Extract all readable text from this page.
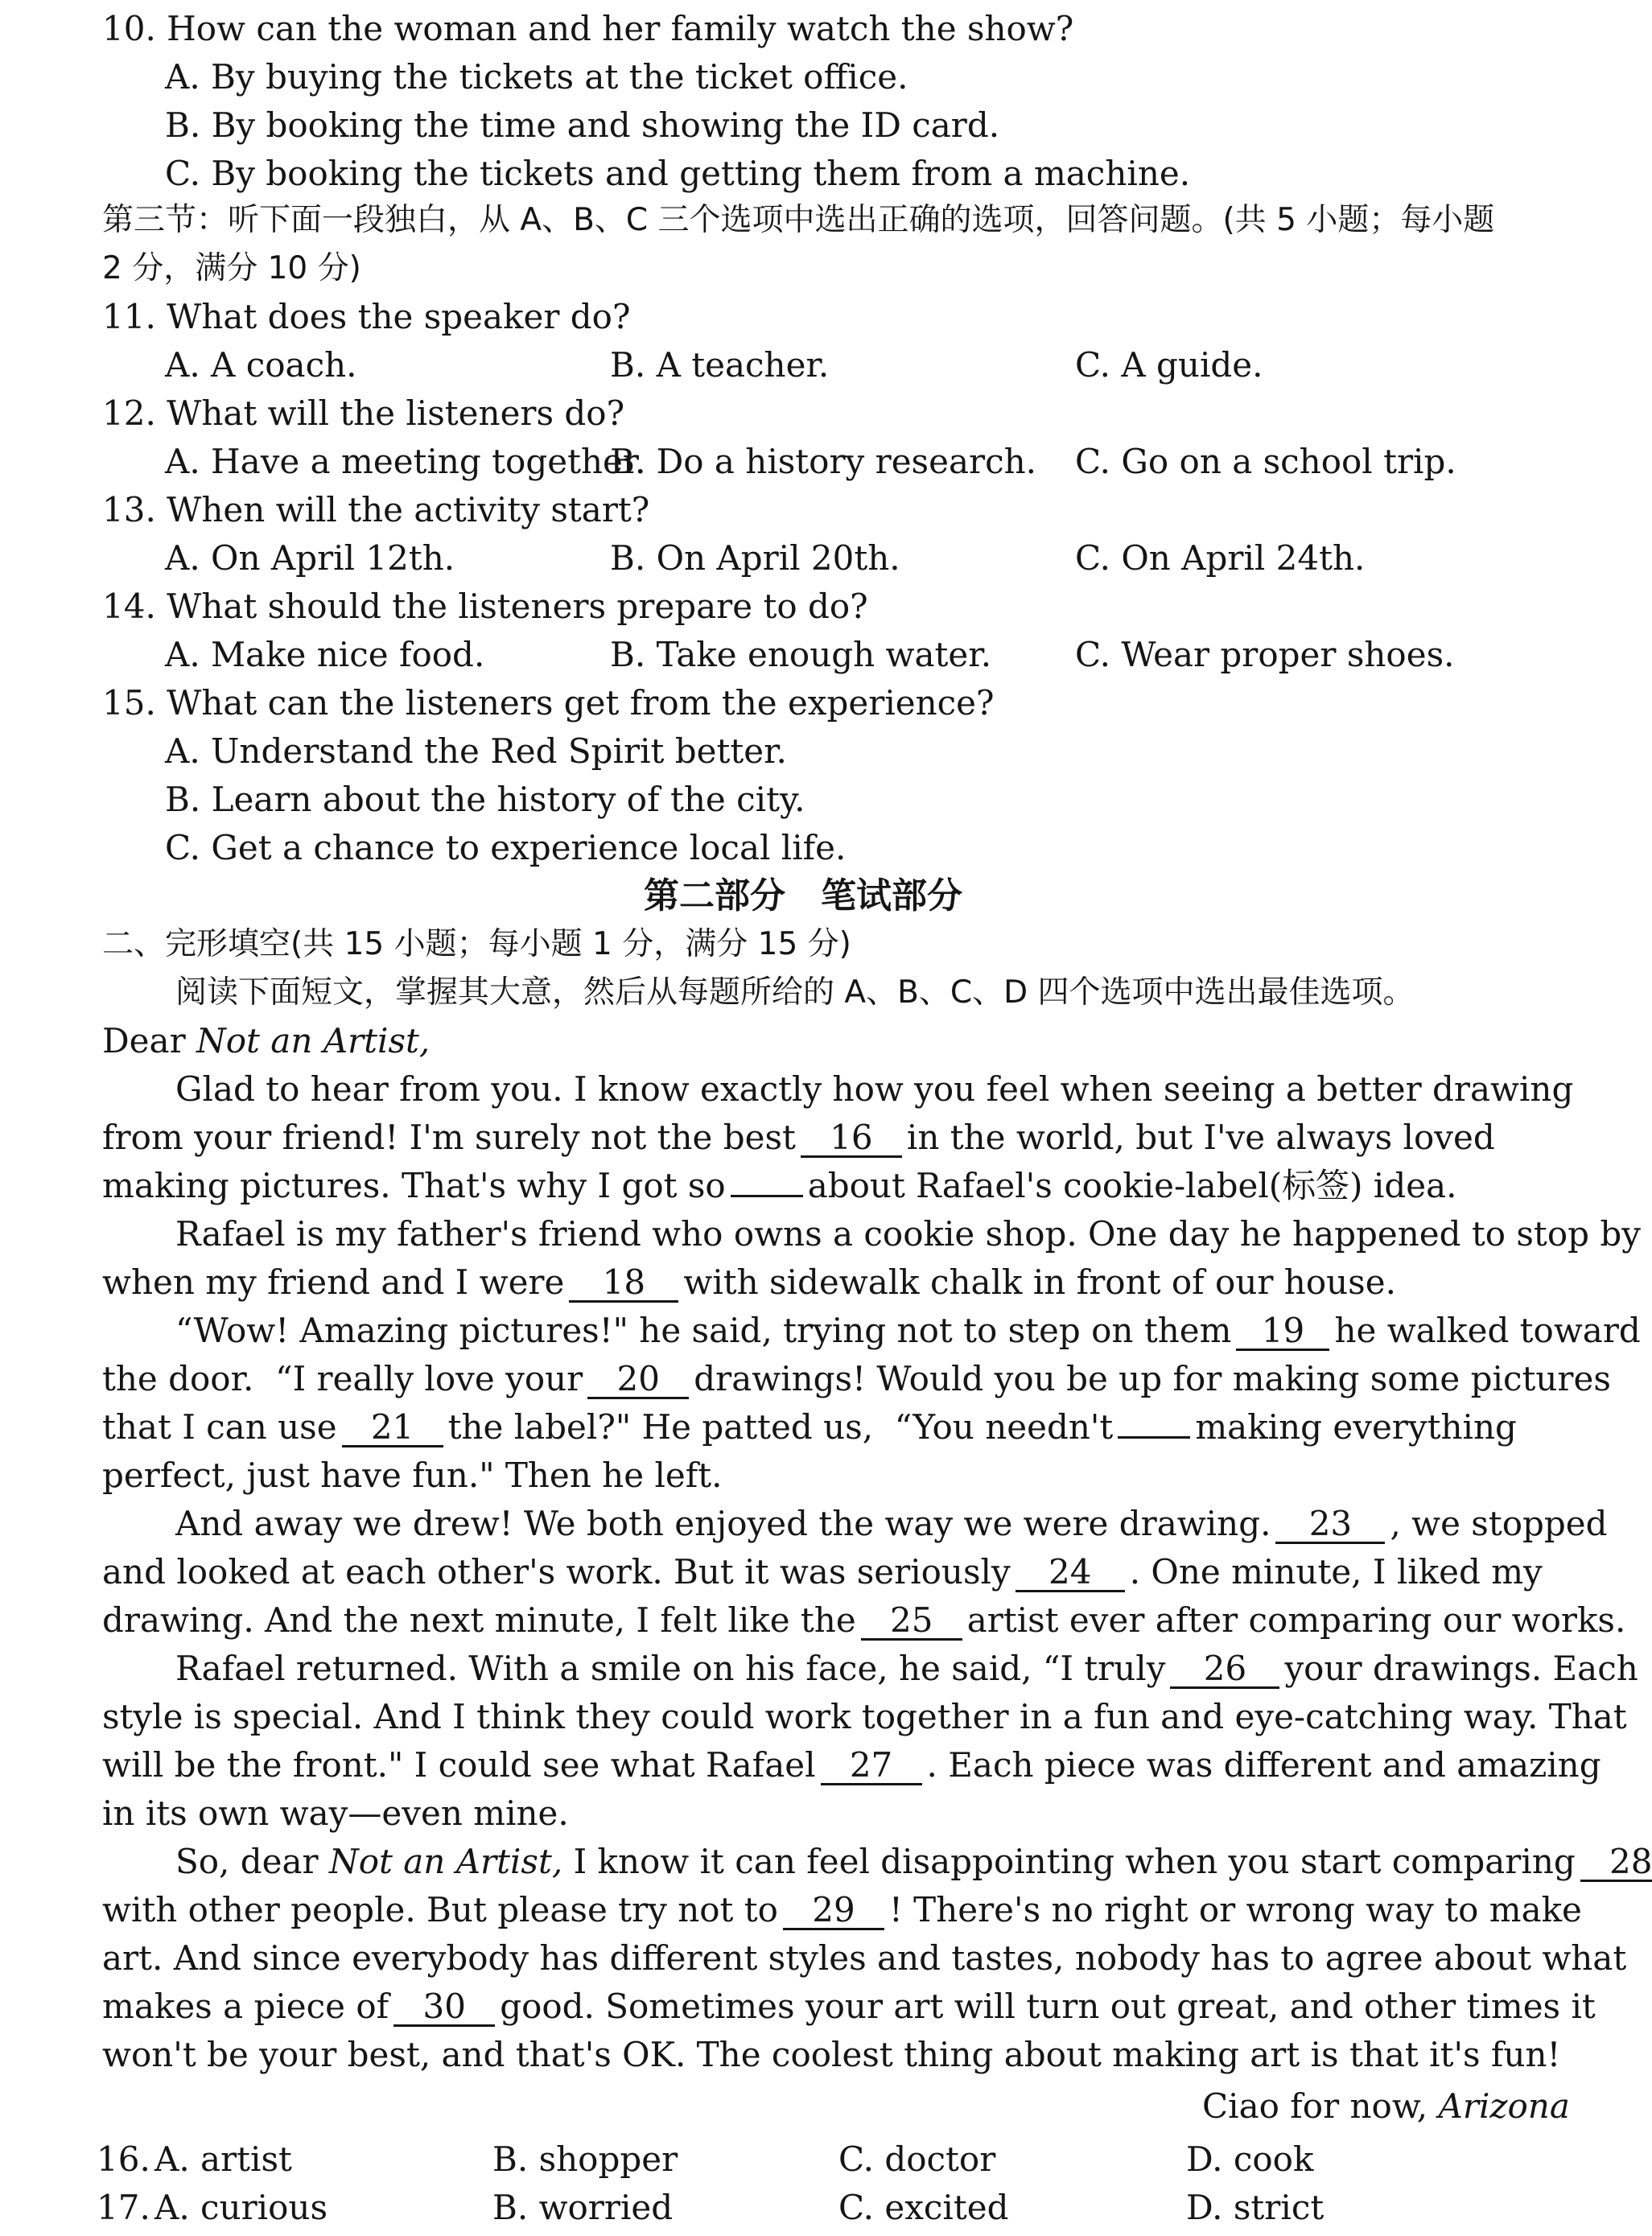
10. How can the woman and her family watch the show?
A. By buying the tickets at the ticket office.
B. By booking the time and showing the ID card.
C. By booking the tickets and getting them from a machine.
第三节：听下面一段独白，从 A、B、C 三个选项中选出正确的选项，回答问题。(共 5 小题；每小题
2 分，满分 10 分)
11. What does the speaker do?
A. A coach.	B. A teacher.	C. A guide.
12. What will the listeners do?
A. Have a meeting together.
B. Do a history research. C. Go on a school trip.
13. When will the activity start?
A. On April 12th.	B. On April 20th.	C. On April 24th.
14. What should the listeners prepare to do?
A. Make nice food.	B. Take enough water. C. Wear proper shoes.
15. What can the listeners get from the experience?
A. Understand the Red Spirit better.
B. Learn about the history of the city.
C. Get a chance to experience local life.
第二部分　笔试部分
二、完形填空(共 15 小题；每小题 1 分，满分 15 分)
阅读下面短文，掌握其大意，然后从每题所给的 A、B、C、D 四个选项中选出最佳选项。
Dear Not an Artist,
Glad to hear from you. I know exactly how you feel when seeing a better drawing
from your friend! I'm surely not the best 16 in the world, but I've always loved
making pictures. That's why I got so about Rafael's cookie-label(标签) idea.
Rafael is my father's friend who owns a cookie shop. One day he happened to stop by
when my friend and I were 18 with sidewalk chalk in front of our house.
“Wow! Amazing pictures!" he said, trying not to step on them 19 he walked toward
the door.  “I really love your 20 drawings! Would you be up for making some pictures
that I can use 21 the label?" He patted us,  “You needn't making everything
perfect, just have fun." Then he left.
And away we drew! We both enjoyed the way we were drawing. 23 , we stopped
and looked at each other's work. But it was seriously 24 . One minute, I liked my
drawing. And the next minute, I felt like the 25 artist ever after comparing our works.
Rafael returned. With a smile on his face, he said, “I truly 26 your drawings. Each
style is special. And I think they could work together in a fun and eye-catching way. That
will be the front." I could see what Rafael 27 . Each piece was different and amazing
in its own way—even mine.
So, dear Not an Artist, I know it can feel disappointing when you start comparing 28
with other people. But please try not to 29 ! There's no right or wrong way to make
art. And since everybody has different styles and tastes, nobody has to agree about what
makes a piece of 30 good. Sometimes your art will turn out great, and other times it
won't be your best, and that's OK. The coolest thing about making art is that it's fun!
Ciao for now, Arizona
16. A. artist	B. shopper	C. doctor	D. cook
17. A. curious	B. worried	C. excited	D. strict
